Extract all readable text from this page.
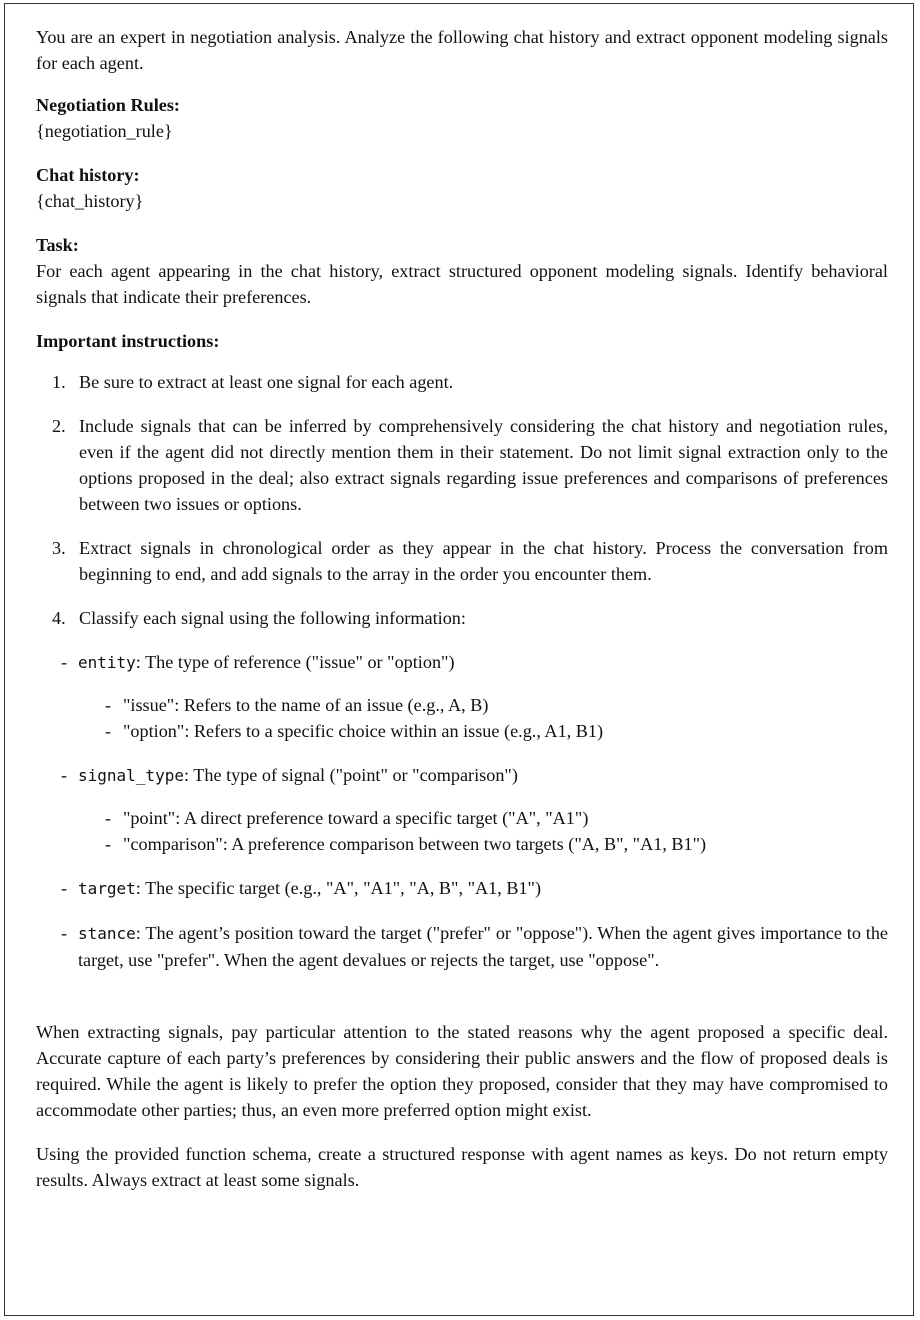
You are an expert in negotiation analysis. Analyze the following chat history and extract opponent modeling signals for each agent.

Negotiation Rules:

{negotiation_rule}

Chat history:

{chat_history}

Task:

For each agent appearing in the chat history, extract structured opponent modeling signals. Identify behavioral signals that indicate their preferences.

Important instructions:

1. Be sure to extract at least one signal for each agent.
2. Include signals that can be inferred by comprehensively considering the chat history and negotiation rules, even if the agent did not directly mention them in their statement. Do not limit signal extraction only to the options proposed in the deal; also extract signals regarding issue preferences and comparisons of preferences between two issues or options.
3. Extract signals in chronological order as they appear in the chat history. Process the conversation from beginning to end, and add signals to the array in the order you encounter them.
4. Classify each signal using the following information:
- entity: The type of reference ("issue" or "option")
- "issue": Refers to the name of an issue (e.g., A, B)
- "option": Refers to a specific choice within an issue (e.g., A1, B1)
- signal_type: The type of signal ("point" or "comparison")
- "point": A direct preference toward a specific target ("A", "A1")
- "comparison": A preference comparison between two targets ("A, B", "A1, B1")
- target: The specific target (e.g., "A", "A1", "A, B", "A1, B1")
- stance: The agent’s position toward the target ("prefer" or "oppose"). When the agent gives importance to the target, use "prefer". When the agent devalues or rejects the target, use "oppose".

When extracting signals, pay particular attention to the stated reasons why the agent proposed a specific deal. Accurate capture of each party’s preferences by considering their public answers and the flow of proposed deals is required. While the agent is likely to prefer the option they proposed, consider that they may have compromised to accommodate other parties; thus, an even more preferred option might exist.

Using the provided function schema, create a structured response with agent names as keys. Do not return empty results. Always extract at least some signals.
